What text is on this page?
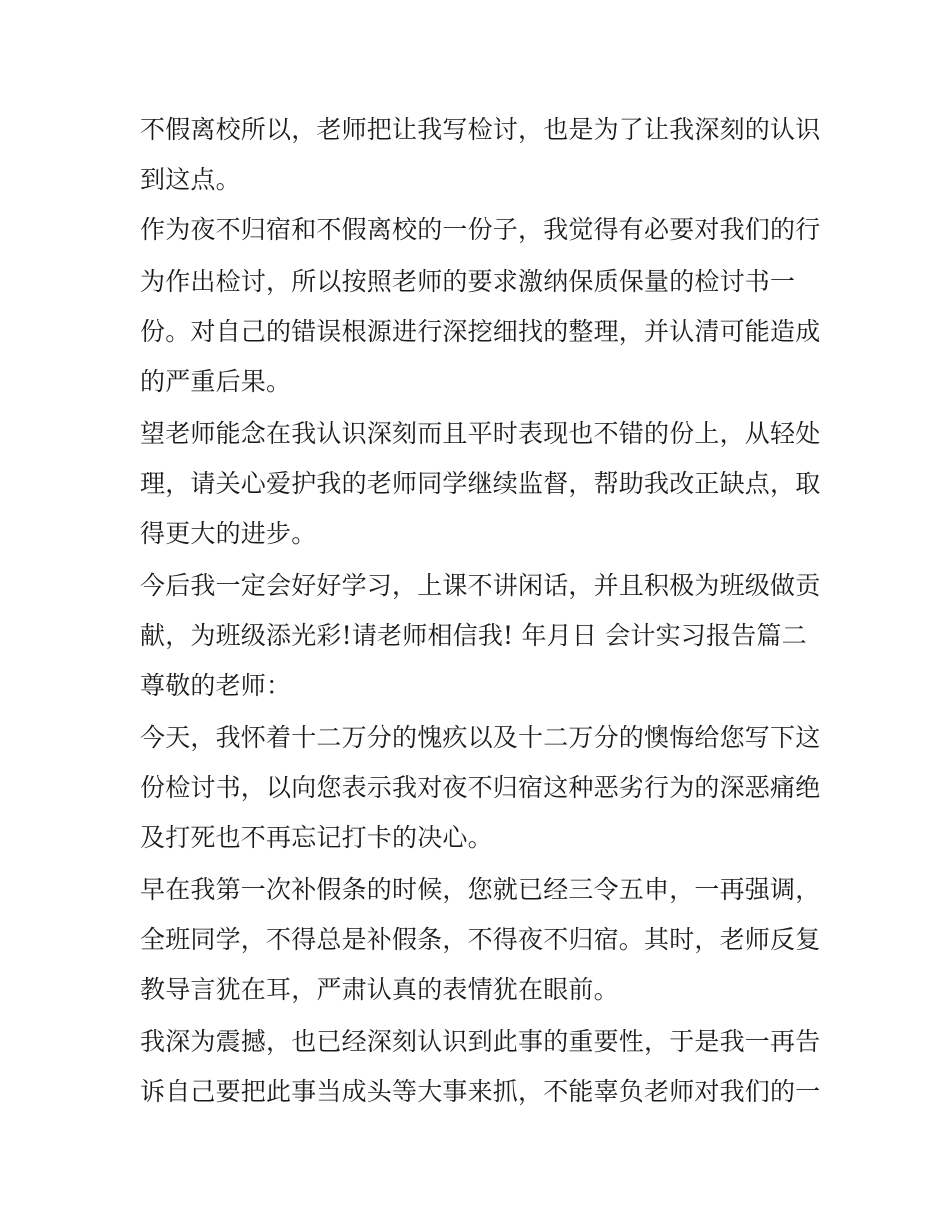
不假离校所以，老师把让我写检讨，也是为了让我深刻的认识
到这点。
作为夜不归宿和不假离校的一份子，我觉得有必要对我们的行
为作出检讨，所以按照老师的要求激纳保质保量的检讨书一
份。对自己的错误根源进行深挖细找的整理，并认清可能造成
的严重后果。
望老师能念在我认识深刻而且平时表现也不错的份上，从轻处
理，请关心爱护我的老师同学继续监督，帮助我改正缺点，取
得更大的进步。
今后我一定会好好学习，上课不讲闲话，并且积极为班级做贡
献，为班级添光彩!请老师相信我! 年月日 会计实习报告篇二
尊敬的老师：
今天，我怀着十二万分的愧疚以及十二万分的懊悔给您写下这
份检讨书，以向您表示我对夜不归宿这种恶劣行为的深恶痛绝
及打死也不再忘记打卡的决心。
早在我第一次补假条的时候，您就已经三令五申，一再强调，
全班同学，不得总是补假条，不得夜不归宿。其时，老师反复
教导言犹在耳，严肃认真的表情犹在眼前。
我深为震撼，也已经深刻认识到此事的重要性，于是我一再告
诉自己要把此事当成头等大事来抓，不能辜负老师对我们的一
